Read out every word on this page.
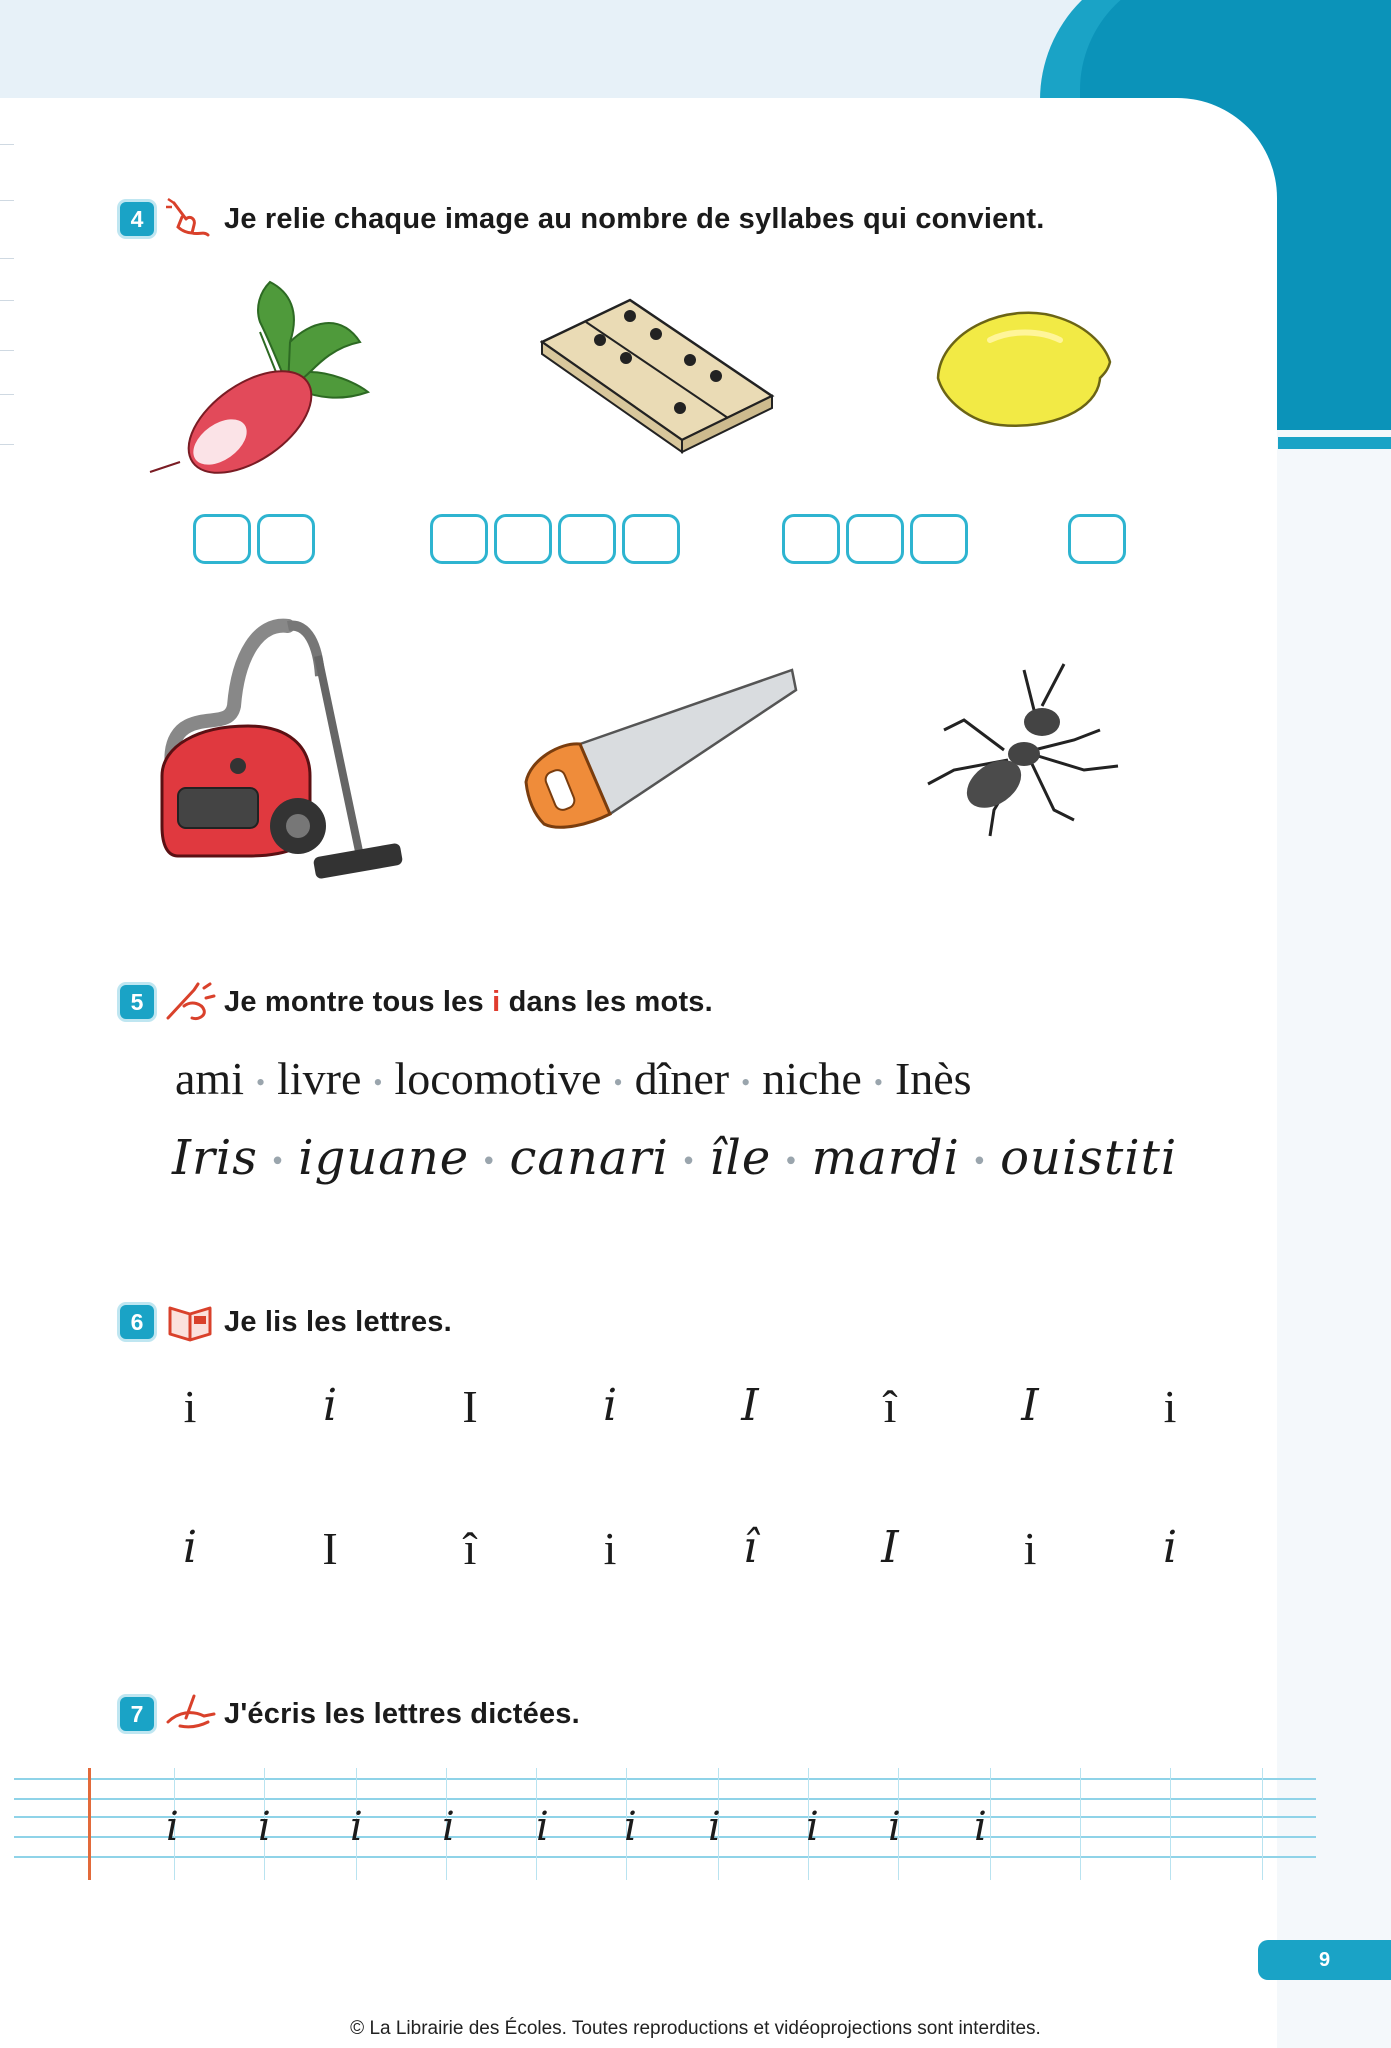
4	Je relie chaque image au nombre de syllabes qui convient.
5	Je montre tous les i dans les mots.
ami • livre • locomotive • dîner • niche • Inès
Iris • iguane • canari • île • mardi • ouistiti
6	Je lis les lettres.
i	i	I	i	I	î	I	i
i	I	î	i	î	I	i	i
7	J'écris les lettres dictées.
i i i i i i i i i i
9
© La Librairie des Écoles. Toutes reproductions et vidéoprojections sont interdites.
